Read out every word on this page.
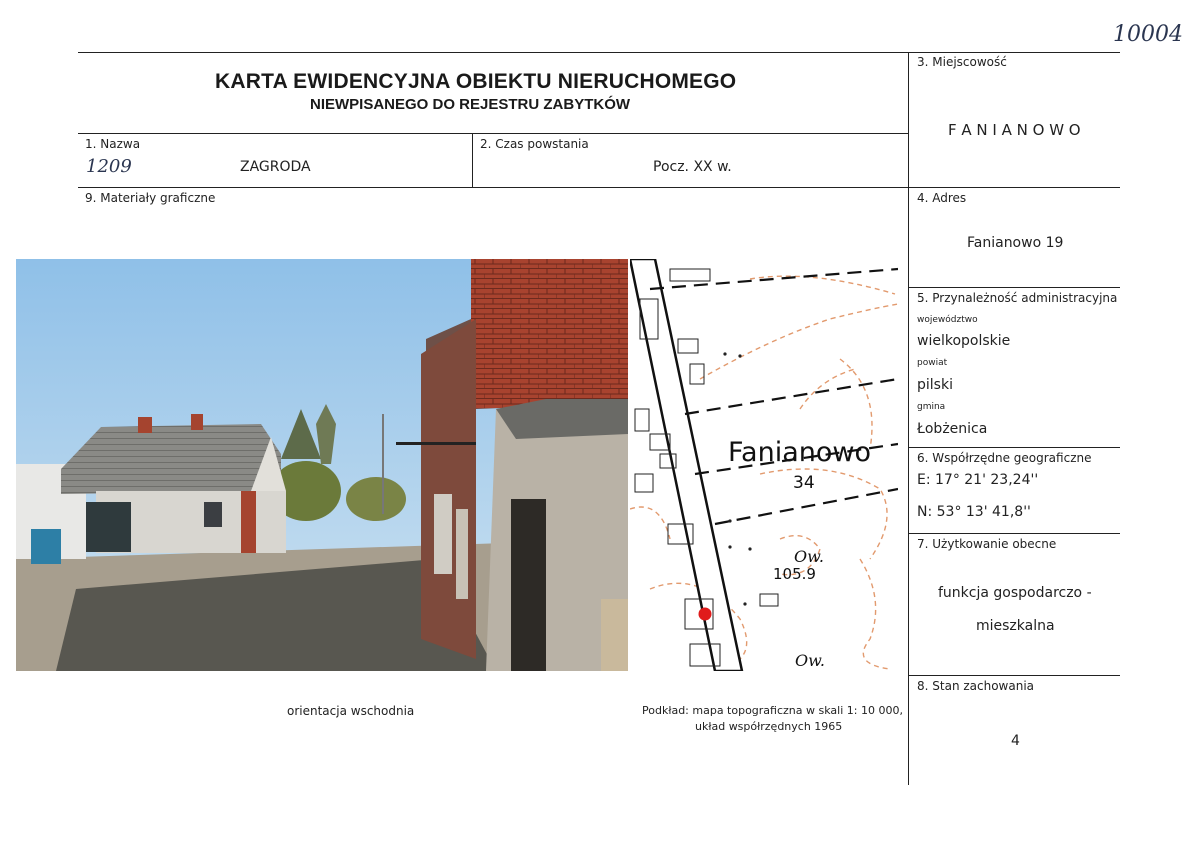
10004
KARTA EWIDENCYJNA OBIEKTU NIERUCHOMEGO
NIEWPISANEGO DO REJESTRU ZABYTKÓW
1. Nazwa
1209	ZAGRODA
2. Czas powstania
Pocz. XX w.
3. Miejscowość
F A N I A N O W O
4. Adres
Fanianowo 19
5. Przynależność administracyjna
województwo
wielkopolskie
powiat
pilski
gmina
Łobżenica
6. Współrzędne geograficzne
E: 17° 21' 23,24''
N: 53° 13' 41,8''
7. Użytkowanie obecne
funkcja gospodarczo -
mieszkalna
8. Stan zachowania
4
9. Materiały graficzne
Fanianowo
34
Ow.
105.9
Ow.
orientacja wschodnia	Podkład: mapa topograficzna w skali 1: 10 000,
układ współrzędnych 1965
